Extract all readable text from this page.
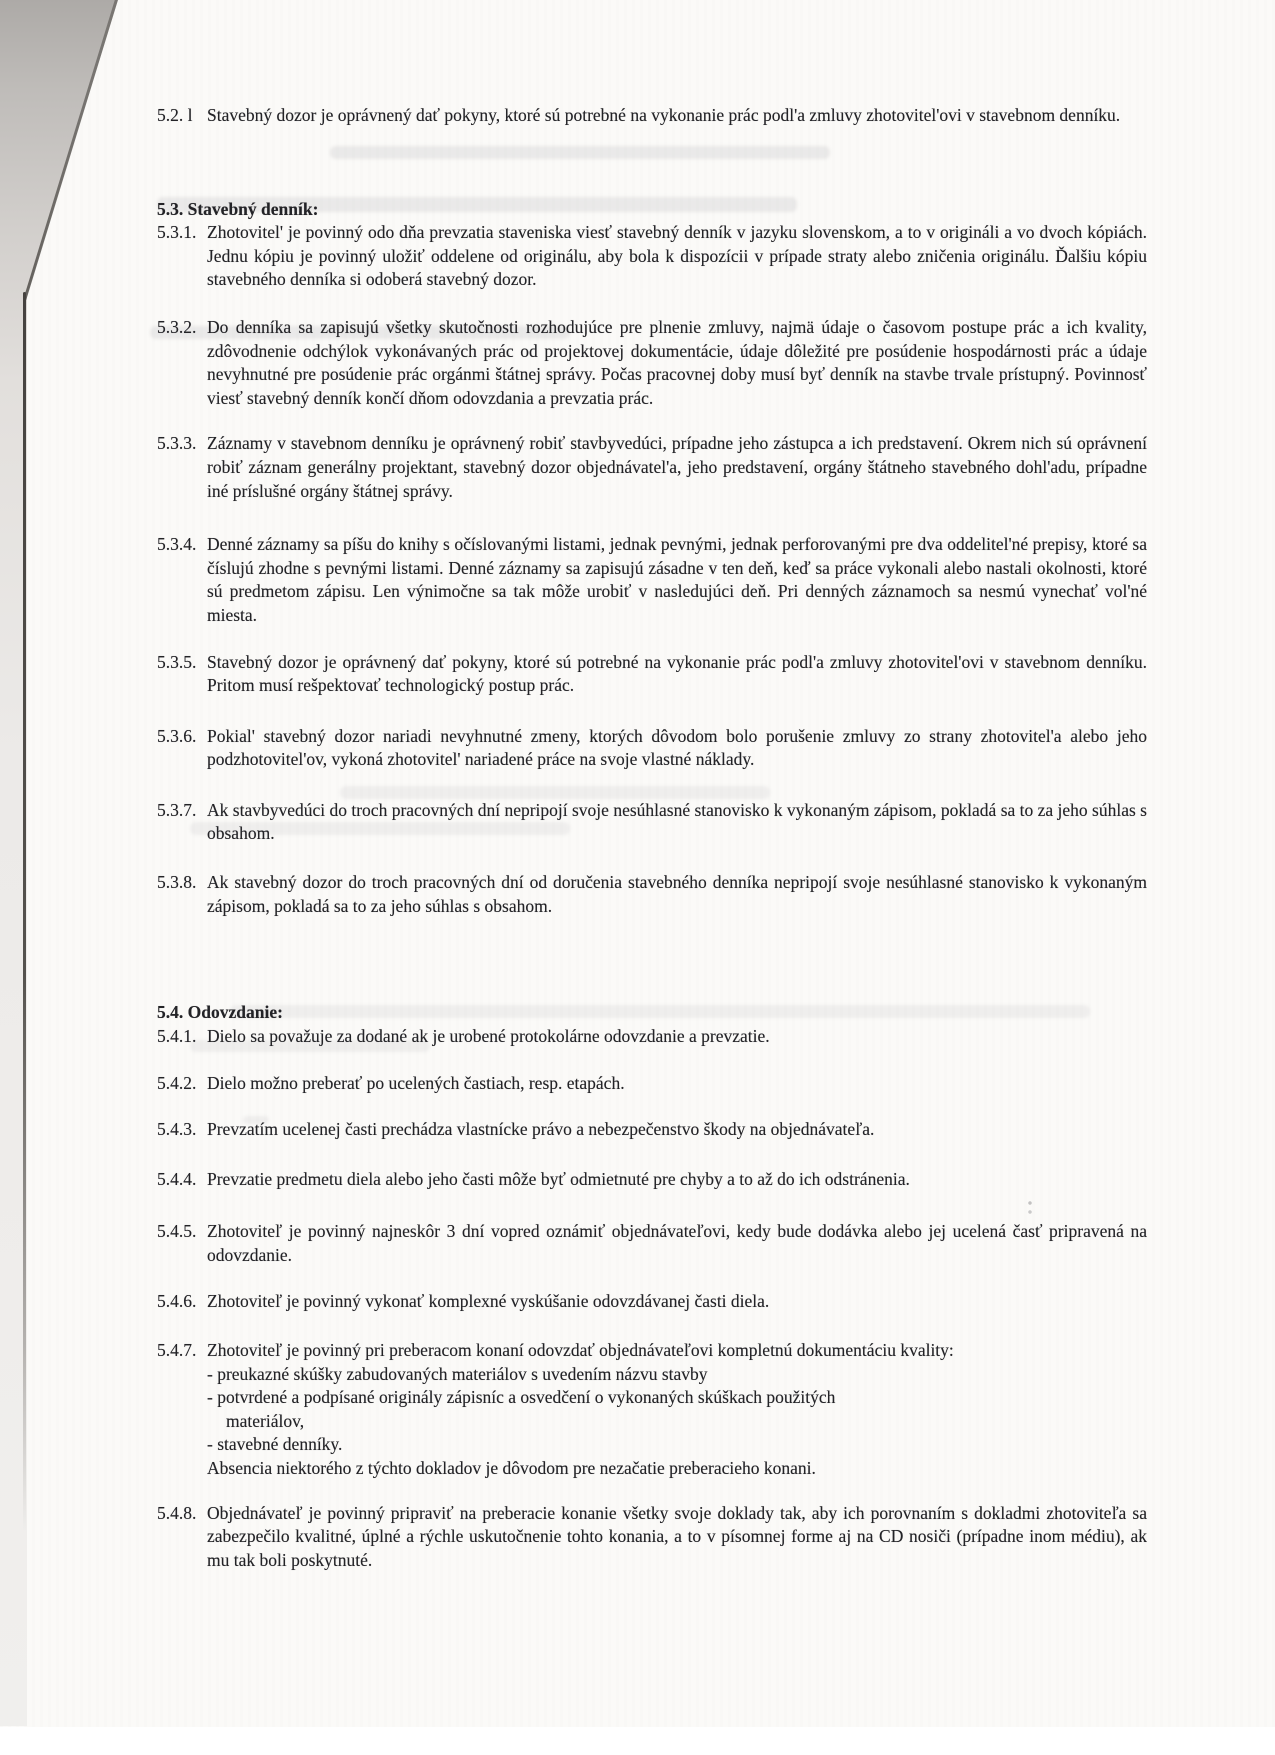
5.2. l Stavebný dozor je oprávnený dať pokyny, ktoré sú potrebné na vykonanie prác podl'a zmluvy zhotovitel'ovi v stavebnom denníku.
5.3. Stavebný denník:
5.3.1. Zhotovitel' je povinný odo dňa prevzatia staveniska viesť stavebný denník v jazyku slovenskom, a to v origináli a vo dvoch kópiách. Jednu kópiu je povinný uložiť oddelene od originálu, aby bola k dispozícii v prípade straty alebo zničenia originálu. Ďalšiu kópiu stavebného denníka si odoberá stavebný dozor.
5.3.2. Do denníka sa zapisujú všetky skutočnosti rozhodujúce pre plnenie zmluvy, najmä údaje o časovom postupe prác a ich kvality, zdôvodnenie odchýlok vykonávaných prác od projektovej dokumentácie, údaje dôležité pre posúdenie hospodárnosti prác a údaje nevyhnutné pre posúdenie prác orgánmi štátnej správy. Počas pracovnej doby musí byť denník na stavbe trvale prístupný. Povinnosť viesť stavebný denník končí dňom odovzdania a prevzatia prác.
5.3.3. Záznamy v stavebnom denníku je oprávnený robiť stavbyvedúci, prípadne jeho zástupca a ich predstavení. Okrem nich sú oprávnení robiť záznam generálny projektant, stavebný dozor objednávatel'a, jeho predstavení, orgány štátneho stavebného dohl'adu, prípadne iné príslušné orgány štátnej správy.
5.3.4. Denné záznamy sa píšu do knihy s očíslovanými listami, jednak pevnými, jednak perforovanými pre dva oddelitel'né prepisy, ktoré sa číslujú zhodne s pevnými listami. Denné záznamy sa zapisujú zásadne v ten deň, keď sa práce vykonali alebo nastali okolnosti, ktoré sú predmetom zápisu. Len výnimočne sa tak môže urobiť v nasledujúci deň. Pri denných záznamoch sa nesmú vynechať vol'né miesta.
5.3.5. Stavebný dozor je oprávnený dať pokyny, ktoré sú potrebné na vykonanie prác podl'a zmluvy zhotovitel'ovi v stavebnom denníku. Pritom musí rešpektovať technologický postup prác.
5.3.6. Pokial' stavebný dozor nariadi nevyhnutné zmeny, ktorých dôvodom bolo porušenie zmluvy zo strany zhotovitel'a alebo jeho podzhotovitel'ov, vykoná zhotovitel' nariadené práce na svoje vlastné náklady.
5.3.7. Ak stavbyvedúci do troch pracovných dní nepripojí svoje nesúhlasné stanovisko k vykonaným zápisom, pokladá sa to za jeho súhlas s obsahom.
5.3.8. Ak stavebný dozor do troch pracovných dní od doručenia stavebného denníka nepripojí svoje nesúhlasné stanovisko k vykonaným zápisom, pokladá sa to za jeho súhlas s obsahom.
5.4. Odovzdanie:
5.4.1. Dielo sa považuje za dodané ak je urobené protokolárne odovzdanie a prevzatie.
5.4.2. Dielo možno preberať po ucelených častiach, resp. etapách.
5.4.3. Prevzatím ucelenej časti prechádza vlastnícke právo a nebezpečenstvo škody na objednávateľa.
5.4.4. Prevzatie predmetu diela alebo jeho časti môže byť odmietnuté pre chyby a to až do ich odstránenia.
5.4.5. Zhotoviteľ je povinný najneskôr 3 dní vopred oznámiť objednávateľovi, kedy bude dodávka alebo jej ucelená časť pripravená na odovzdanie.
5.4.6. Zhotoviteľ je povinný vykonať komplexné vyskúšanie odovzdávanej časti diela.
5.4.7. Zhotoviteľ je povinný pri preberacom konaní odovzdať objednávateľovi kompletnú dokumentáciu kvality:
- preukazné skúšky zabudovaných materiálov s uvedením názvu stavby
- potvrdené a podpísané originály zápisníc a osvedčení o vykonaných skúškach použitých
materiálov,
- stavebné denníky.
Absencia niektorého z týchto dokladov je dôvodom pre nezačatie preberacieho konani.
5.4.8. Objednávateľ je povinný pripraviť na preberacie konanie všetky svoje doklady tak, aby ich porovnaním s dokladmi zhotoviteľa sa zabezpečilo kvalitné, úplné a rýchle uskutočnenie tohto konania, a to v písomnej forme aj na CD nosiči (prípadne inom médiu), ak mu tak boli poskytnuté.
